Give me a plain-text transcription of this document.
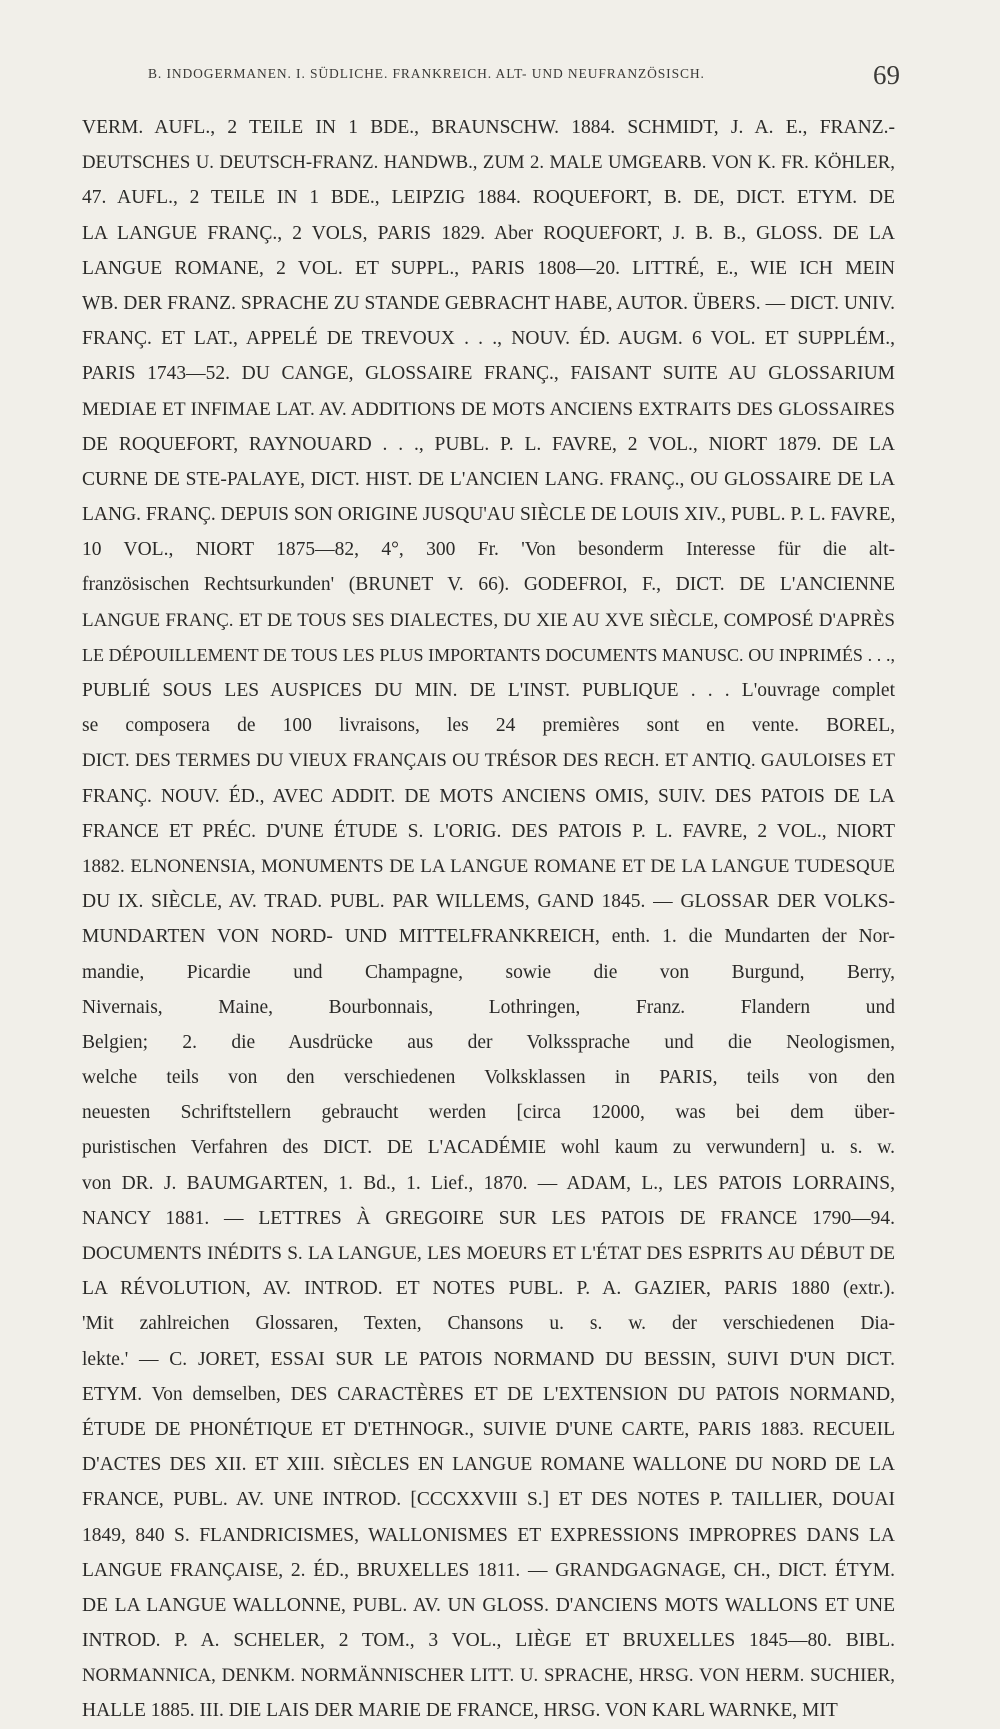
B. INDOGERMANEN. I. SÜDLICHE. FRANKREICH. ALT- UND NEUFRANZÖSISCH.	69
VERM. AUFL., 2 TEILE IN 1 BDE., BRAUNSCHW. 1884. SCHMIDT, J. A. E., FRANZ.-
DEUTSCHES U. DEUTSCH-FRANZ. HANDWB., ZUM 2. MALE UMGEARB. VON K. FR. KÖHLER,
47. AUFL., 2 TEILE IN 1 BDE., LEIPZIG 1884. ROQUEFORT, B. DE, DICT. ETYM. DE
LA LANGUE FRANÇ., 2 VOLS, PARIS 1829. Aber ROQUEFORT, J. B. B., GLOSS. DE LA
LANGUE ROMANE, 2 VOL. ET SUPPL., PARIS 1808—20. LITTRÉ, E., WIE ICH MEIN
WB. DER FRANZ. SPRACHE ZU STANDE GEBRACHT HABE, AUTOR. ÜBERS. — DICT. UNIV.
FRANÇ. ET LAT., APPELÉ DE TREVOUX . . ., NOUV. ÉD. AUGM. 6 VOL. ET SUPPLÉM.,
PARIS 1743—52. DU CANGE, GLOSSAIRE FRANÇ., FAISANT SUITE AU GLOSSARIUM
MEDIAE ET INFIMAE LAT. AV. ADDITIONS DE MOTS ANCIENS EXTRAITS DES GLOSSAIRES
DE ROQUEFORT, RAYNOUARD . . ., PUBL. P. L. FAVRE, 2 VOL., NIORT 1879. DE LA
CURNE DE STE-PALAYE, DICT. HIST. DE L'ANCIEN LANG. FRANÇ., OU GLOSSAIRE DE LA
LANG. FRANÇ. DEPUIS SON ORIGINE JUSQU'AU SIÈCLE DE LOUIS XIV., PUBL. P. L. FAVRE,
10 VOL., NIORT 1875—82, 4°, 300 Fr. 'Von besonderm Interesse für die alt-
französischen Rechtsurkunden' (BRUNET V. 66). GODEFROI, F., DICT. DE L'ANCIENNE
LANGUE FRANÇ. ET DE TOUS SES DIALECTES, DU XIE AU XVE SIÈCLE, COMPOSÉ D'APRÈS
LE DÉPOUILLEMENT DE TOUS LES PLUS IMPORTANTS DOCUMENTS MANUSC. OU INPRIMÉS . . .,
PUBLIÉ SOUS LES AUSPICES DU MIN. DE L'INST. PUBLIQUE . . . L'ouvrage complet
se composera de 100 livraisons, les 24 premières sont en vente. BOREL,
DICT. DES TERMES DU VIEUX FRANÇAIS OU TRÉSOR DES RECH. ET ANTIQ. GAULOISES ET
FRANÇ. NOUV. ÉD., AVEC ADDIT. DE MOTS ANCIENS OMIS, SUIV. DES PATOIS DE LA
FRANCE ET PRÉC. D'UNE ÉTUDE S. L'ORIG. DES PATOIS P. L. FAVRE, 2 VOL., NIORT
1882. ELNONENSIA, MONUMENTS DE LA LANGUE ROMANE ET DE LA LANGUE TUDESQUE
DU IX. SIÈCLE, AV. TRAD. PUBL. PAR WILLEMS, GAND 1845. — GLOSSAR DER VOLKS-
MUNDARTEN VON NORD- UND MITTELFRANKREICH, enth. 1. die Mundarten der Nor-
mandie, Picardie und Champagne, sowie die von Burgund, Berry,
Nivernais, Maine, Bourbonnais, Lothringen, Franz. Flandern und
Belgien; 2. die Ausdrücke aus der Volkssprache und die Neologismen,
welche teils von den verschiedenen Volksklassen in PARIS, teils von den
neuesten Schriftstellern gebraucht werden [circa 12000, was bei dem über-
puristischen Verfahren des DICT. DE L'ACADÉMIE wohl kaum zu verwundern] u. s. w.
von DR. J. BAUMGARTEN, 1. Bd., 1. Lief., 1870. — ADAM, L., LES PATOIS LORRAINS,
NANCY 1881. — LETTRES À GREGOIRE SUR LES PATOIS DE FRANCE 1790—94.
DOCUMENTS INÉDITS S. LA LANGUE, LES MOEURS ET L'ÉTAT DES ESPRITS AU DÉBUT DE
LA RÉVOLUTION, AV. INTROD. ET NOTES PUBL. P. A. GAZIER, PARIS 1880 (extr.).
'Mit zahlreichen Glossaren, Texten, Chansons u. s. w. der verschiedenen Dia-
lekte.' — C. JORET, ESSAI SUR LE PATOIS NORMAND DU BESSIN, SUIVI D'UN DICT.
ETYM. Von demselben, DES CARACTÈRES ET DE L'EXTENSION DU PATOIS NORMAND,
ÉTUDE DE PHONÉTIQUE ET D'ETHNOGR., SUIVIE D'UNE CARTE, PARIS 1883. RECUEIL
D'ACTES DES XII. ET XIII. SIÈCLES EN LANGUE ROMANE WALLONE DU NORD DE LA
FRANCE, PUBL. AV. UNE INTROD. [CCCXXVIII S.] ET DES NOTES P. TAILLIER, DOUAI
1849, 840 S. FLANDRICISMES, WALLONISMES ET EXPRESSIONS IMPROPRES DANS LA
LANGUE FRANÇAISE, 2. ÉD., BRUXELLES 1811. — GRANDGAGNAGE, CH., DICT. ÉTYM.
DE LA LANGUE WALLONNE, PUBL. AV. UN GLOSS. D'ANCIENS MOTS WALLONS ET UNE
INTROD. P. A. SCHELER, 2 TOM., 3 VOL., LIÈGE ET BRUXELLES 1845—80. BIBL.
NORMANNICA, DENKM. NORMÄNNISCHER LITT. U. SPRACHE, HRSG. VON HERM. SUCHIER,
HALLE 1885. III. DIE LAIS DER MARIE DE FRANCE, HRSG. VON KARL WARNKE, MIT
